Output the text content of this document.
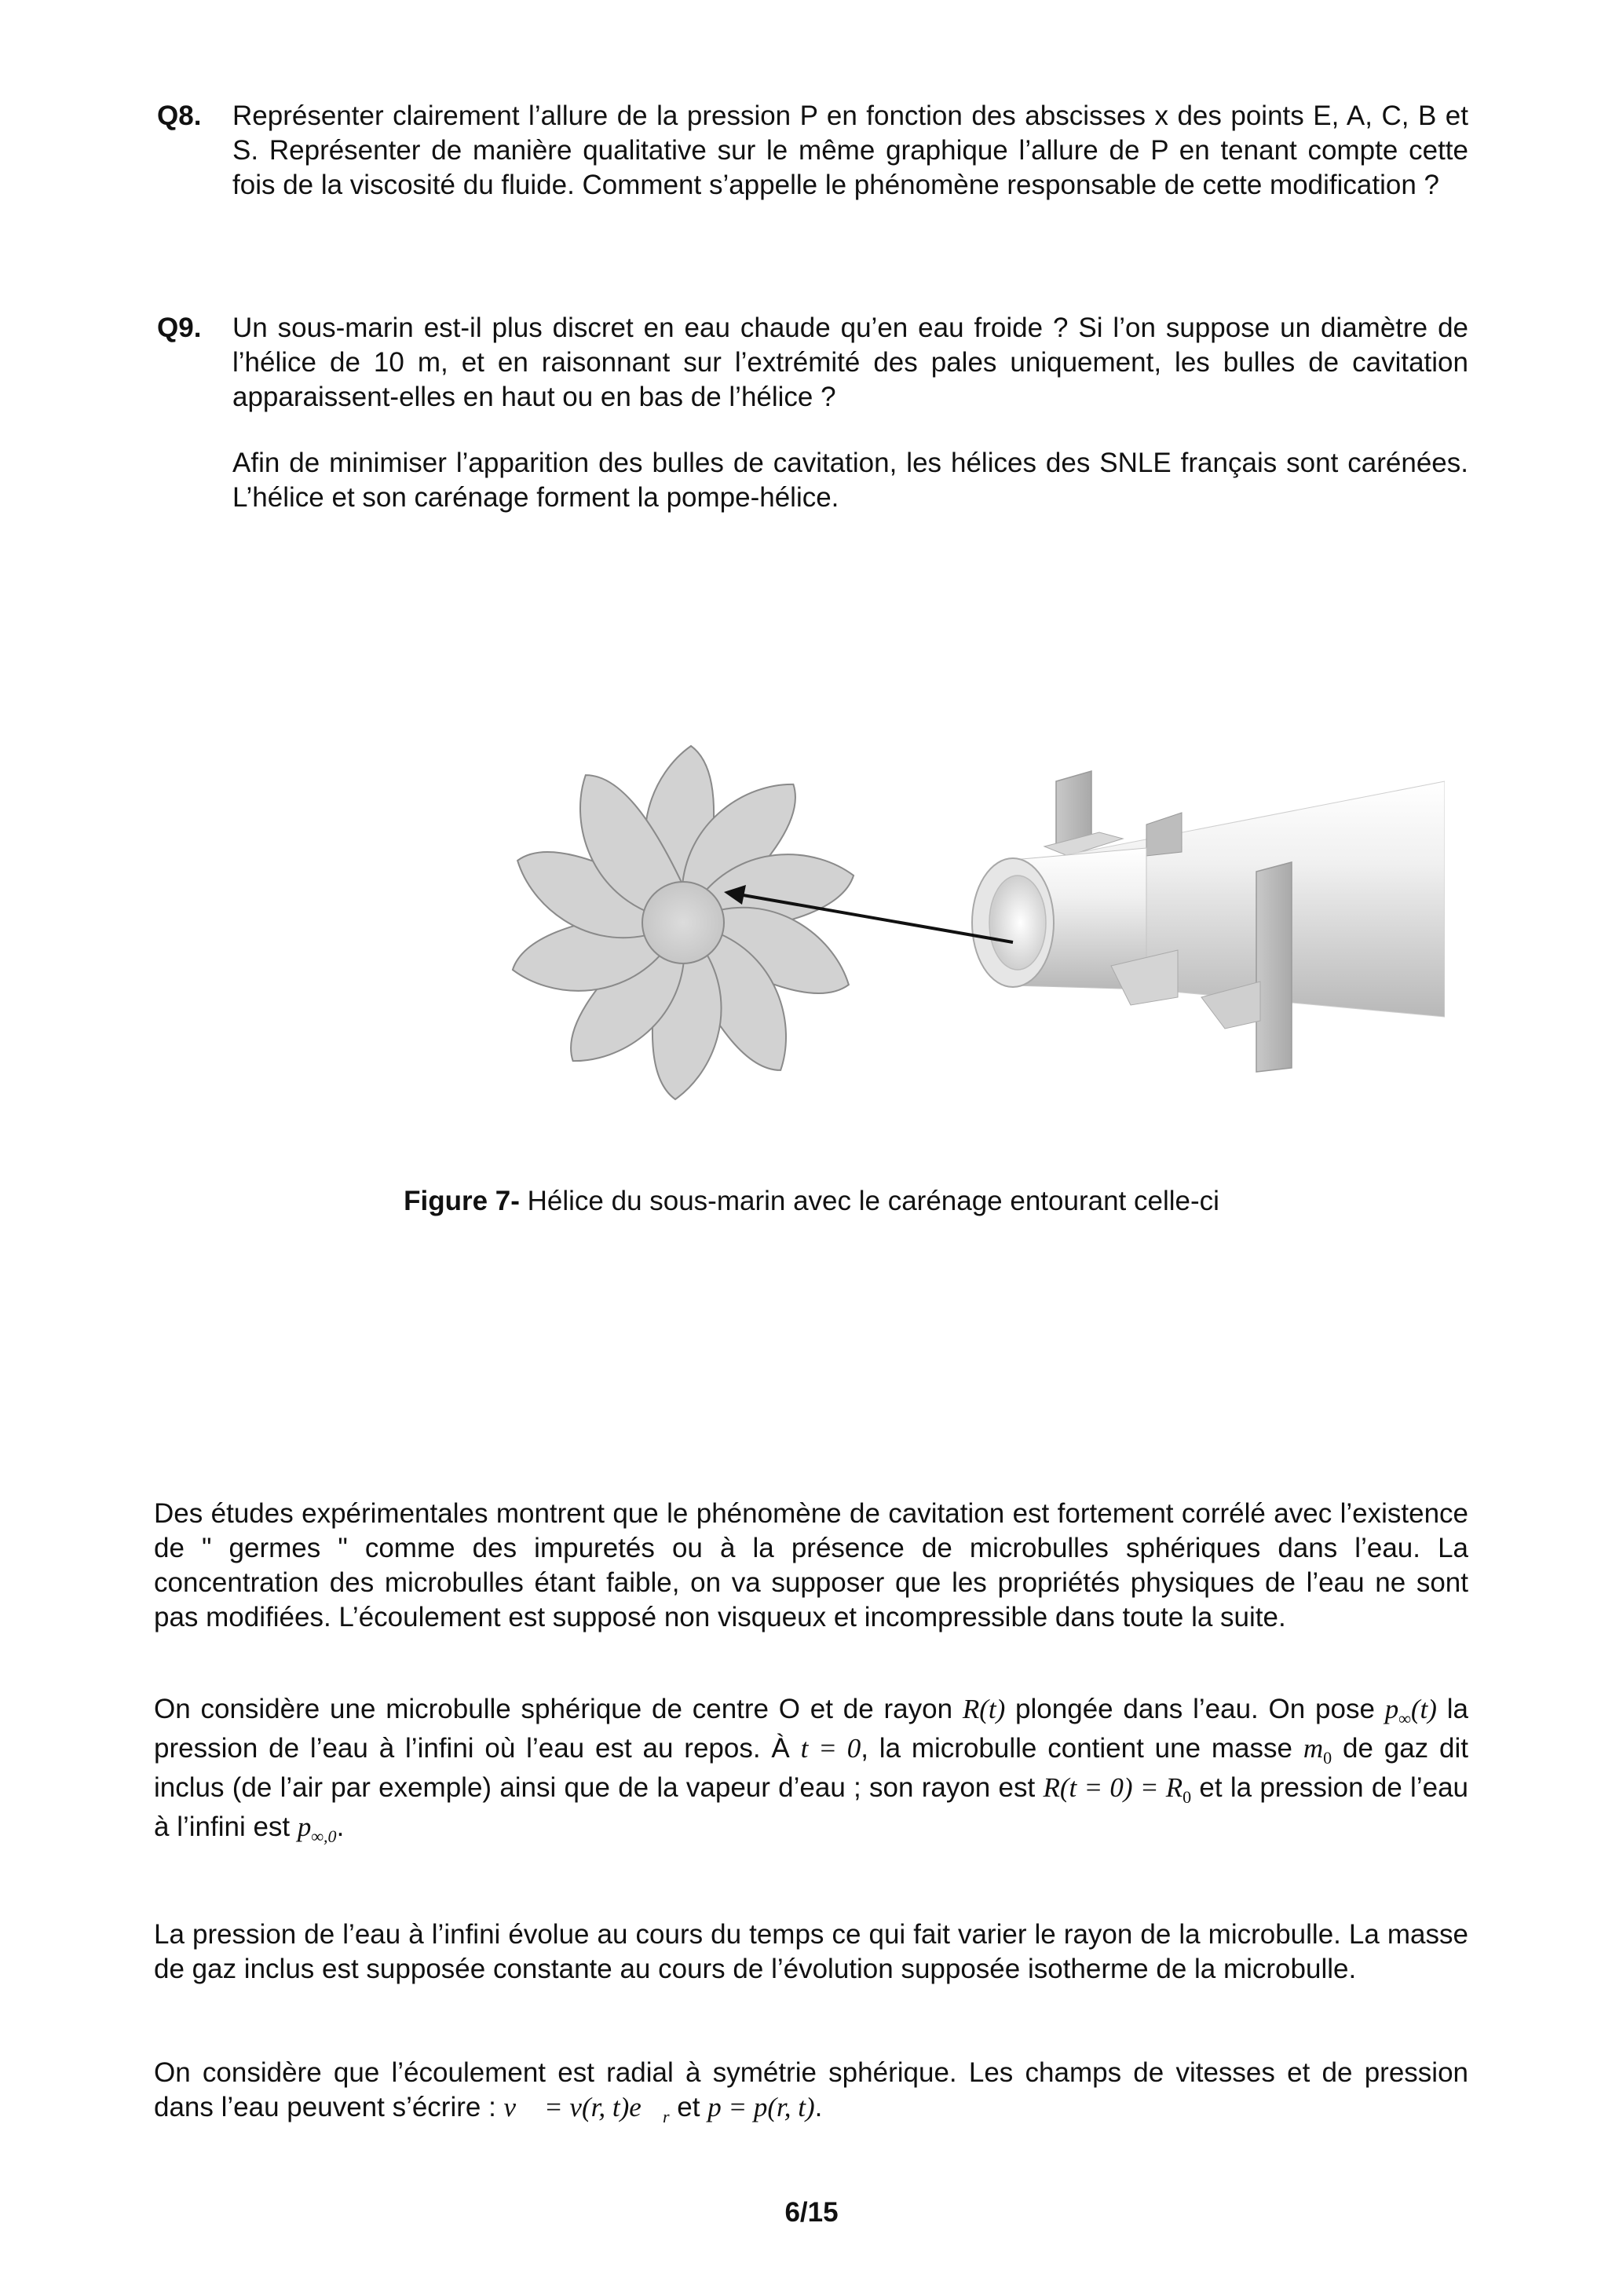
Q8. Représenter clairement l’allure de la pression P en fonction des abscisses x des points E, A, C, B et S. Représenter de manière qualitative sur le même graphique l’allure de P en tenant compte cette fois de la viscosité du fluide. Comment s’appelle le phénomène responsable de cette modification ?

Q9. Un sous-marin est-il plus discret en eau chaude qu’en eau froide ? Si l’on suppose un diamètre de l’hélice de 10 m, et en raisonnant sur l’extrémité des pales uniquement, les bulles de cavitation apparaissent-elles en haut ou en bas de l’hélice ?

Afin de minimiser l’apparition des bulles de cavitation, les hélices des SNLE français sont carénées. L’hélice et son carénage forment la pompe-hélice.

Figure 7- Hélice du sous-marin avec le carénage entourant celle-ci

Des études expérimentales montrent que le phénomène de cavitation est fortement corrélé avec l’existence de " germes " comme des impuretés ou à la présence de microbulles sphériques dans l’eau. La concentration des microbulles étant faible, on va supposer que les propriétés physiques de l’eau ne sont pas modifiées. L’écoulement est supposé non visqueux et incompressible dans toute la suite.

On considère une microbulle sphérique de centre O et de rayon R(t) plongée dans l’eau. On pose $p_\infty(t)$ la pression de l’eau à l’infini où l’eau est au repos. À t = 0, la microbulle contient une masse $m_0$ de gaz dit inclus (de l’air par exemple) ainsi que de la vapeur d’eau ; son rayon est $R(t = 0) = R_0$ et la pression de l’eau à l’infini est $p_{\infty,0}$.

La pression de l’eau à l’infini évolue au cours du temps ce qui fait varier le rayon de la microbulle. La masse de gaz inclus est supposée constante au cours de l’évolution supposée isotherme de la microbulle.

On considère que l’écoulement est radial à symétrie sphérique. Les champs de vitesses et de pression dans l’eau peuvent s’écrire : v⃗ = v(r, $t)e⃗_r$ et p = p(r, t).

6/15
